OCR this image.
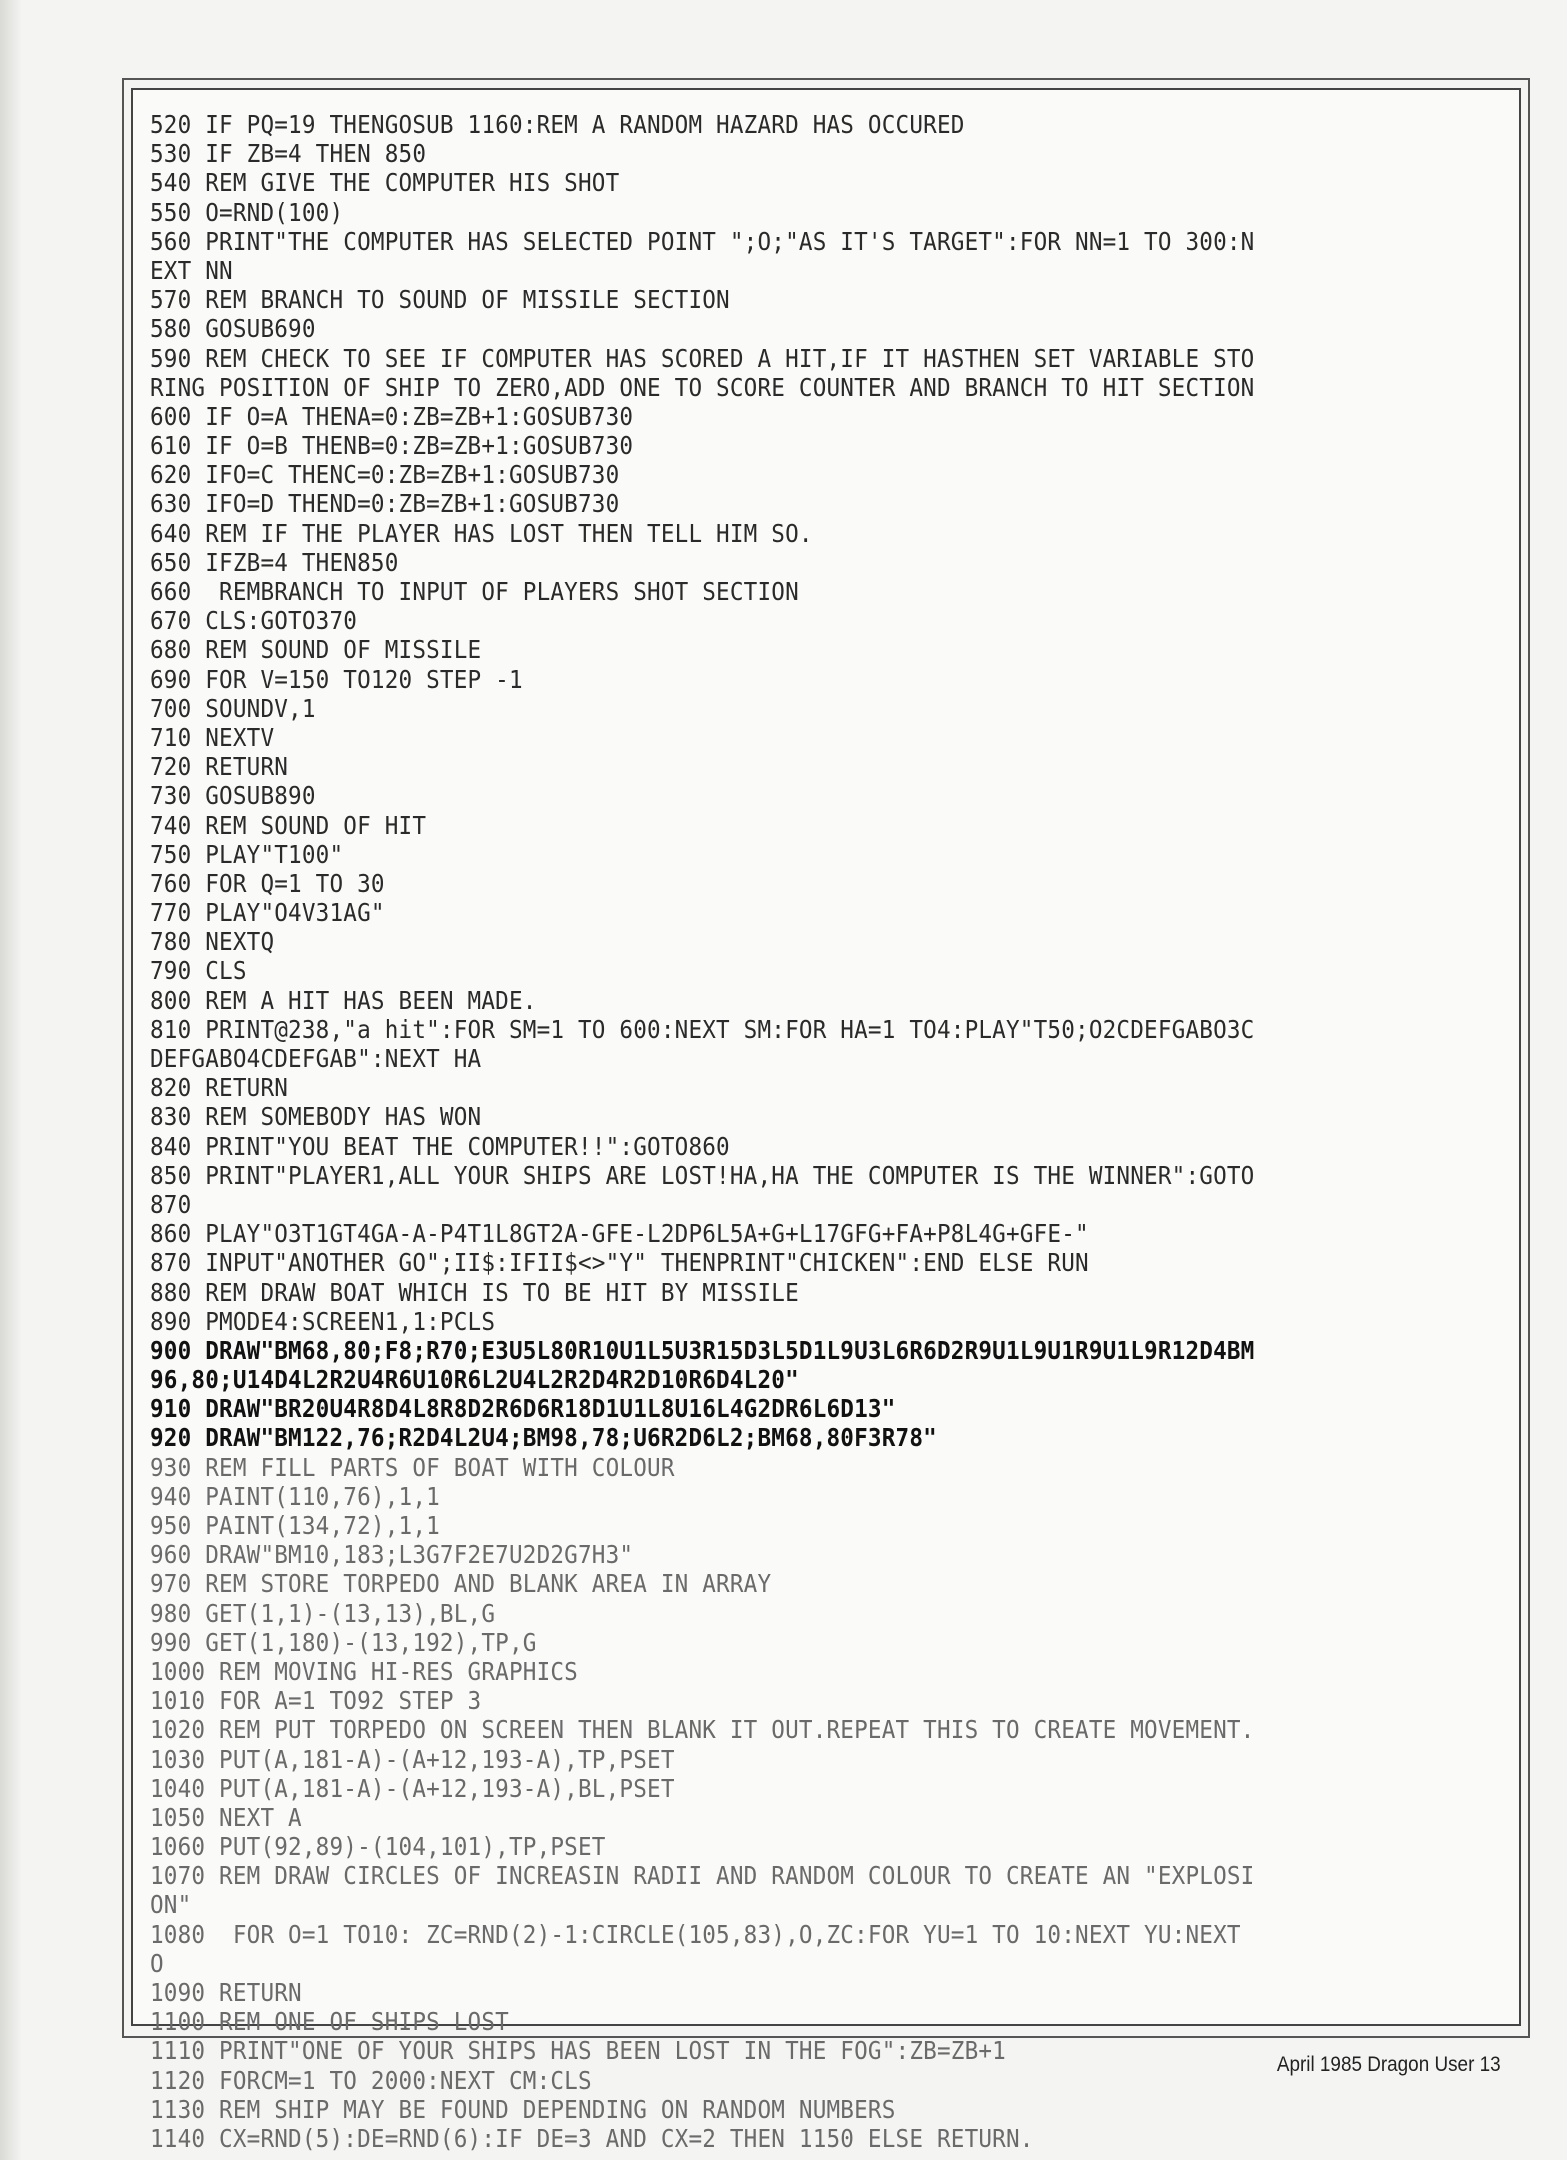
520 IF PQ=19 THENGOSUB 1160:REM A RANDOM HAZARD HAS OCCURED
530 IF ZB=4 THEN 850
540 REM GIVE THE COMPUTER HIS SHOT
550 O=RND(100)
560 PRINT"THE COMPUTER HAS SELECTED POINT ";O;"AS IT'S TARGET":FOR NN=1 TO 300:N
EXT NN
570 REM BRANCH TO SOUND OF MISSILE SECTION
580 GOSUB690
590 REM CHECK TO SEE IF COMPUTER HAS SCORED A HIT,IF IT HASTHEN SET VARIABLE STO
RING POSITION OF SHIP TO ZERO,ADD ONE TO SCORE COUNTER AND BRANCH TO HIT SECTION
600 IF O=A THENA=0:ZB=ZB+1:GOSUB730
610 IF O=B THENB=0:ZB=ZB+1:GOSUB730
620 IFO=C THENC=0:ZB=ZB+1:GOSUB730
630 IFO=D THEND=0:ZB=ZB+1:GOSUB730
640 REM IF THE PLAYER HAS LOST THEN TELL HIM SO.
650 IFZB=4 THEN850
660  REMBRANCH TO INPUT OF PLAYERS SHOT SECTION
670 CLS:GOTO370
680 REM SOUND OF MISSILE
690 FOR V=150 TO120 STEP -1
700 SOUNDV,1
710 NEXTV
720 RETURN
730 GOSUB890
740 REM SOUND OF HIT
750 PLAY"T100"
760 FOR Q=1 TO 30
770 PLAY"O4V31AG"
780 NEXTQ
790 CLS
800 REM A HIT HAS BEEN MADE.
810 PRINT@238,"a hit":FOR SM=1 TO 600:NEXT SM:FOR HA=1 TO4:PLAY"T50;O2CDEFGABO3C
DEFGABO4CDEFGAB":NEXT HA
820 RETURN
830 REM SOMEBODY HAS WON
840 PRINT"YOU BEAT THE COMPUTER!!":GOTO860
850 PRINT"PLAYER1,ALL YOUR SHIPS ARE LOST!HA,HA THE COMPUTER IS THE WINNER":GOTO
870
860 PLAY"O3T1GT4GA-A-P4T1L8GT2A-GFE-L2DP6L5A+G+L17GFG+FA+P8L4G+GFE-"
870 INPUT"ANOTHER GO";II$:IFII$<>"Y" THENPRINT"CHICKEN":END ELSE RUN
880 REM DRAW BOAT WHICH IS TO BE HIT BY MISSILE
890 PMODE4:SCREEN1,1:PCLS
900 DRAW"BM68,80;F8;R70;E3U5L80R10U1L5U3R15D3L5D1L9U3L6R6D2R9U1L9U1R9U1L9R12D4BM
96,80;U14D4L2R2U4R6U10R6L2U4L2R2D4R2D10R6D4L20"
910 DRAW"BR20U4R8D4L8R8D2R6D6R18D1U1L8U16L4G2DR6L6D13"
920 DRAW"BM122,76;R2D4L2U4;BM98,78;U6R2D6L2;BM68,80F3R78"
930 REM FILL PARTS OF BOAT WITH COLOUR
940 PAINT(110,76),1,1
950 PAINT(134,72),1,1
960 DRAW"BM10,183;L3G7F2E7U2D2G7H3"
970 REM STORE TORPEDO AND BLANK AREA IN ARRAY
980 GET(1,1)-(13,13),BL,G
990 GET(1,180)-(13,192),TP,G
1000 REM MOVING HI-RES GRAPHICS
1010 FOR A=1 TO92 STEP 3
1020 REM PUT TORPEDO ON SCREEN THEN BLANK IT OUT.REPEAT THIS TO CREATE MOVEMENT.
1030 PUT(A,181-A)-(A+12,193-A),TP,PSET
1040 PUT(A,181-A)-(A+12,193-A),BL,PSET
1050 NEXT A
1060 PUT(92,89)-(104,101),TP,PSET
1070 REM DRAW CIRCLES OF INCREASIN RADII AND RANDOM COLOUR TO CREATE AN "EXPLOSI
ON"
1080  FOR O=1 TO10: ZC=RND(2)-1:CIRCLE(105,83),O,ZC:FOR YU=1 TO 10:NEXT YU:NEXT
O
1090 RETURN
1100 REM ONE OF SHIPS LOST
1110 PRINT"ONE OF YOUR SHIPS HAS BEEN LOST IN THE FOG":ZB=ZB+1
1120 FORCM=1 TO 2000:NEXT CM:CLS
1130 REM SHIP MAY BE FOUND DEPENDING ON RANDOM NUMBERS
1140 CX=RND(5):DE=RND(6):IF DE=3 AND CX=2 THEN 1150 ELSE RETURN.
April 1985 Dragon User 13
